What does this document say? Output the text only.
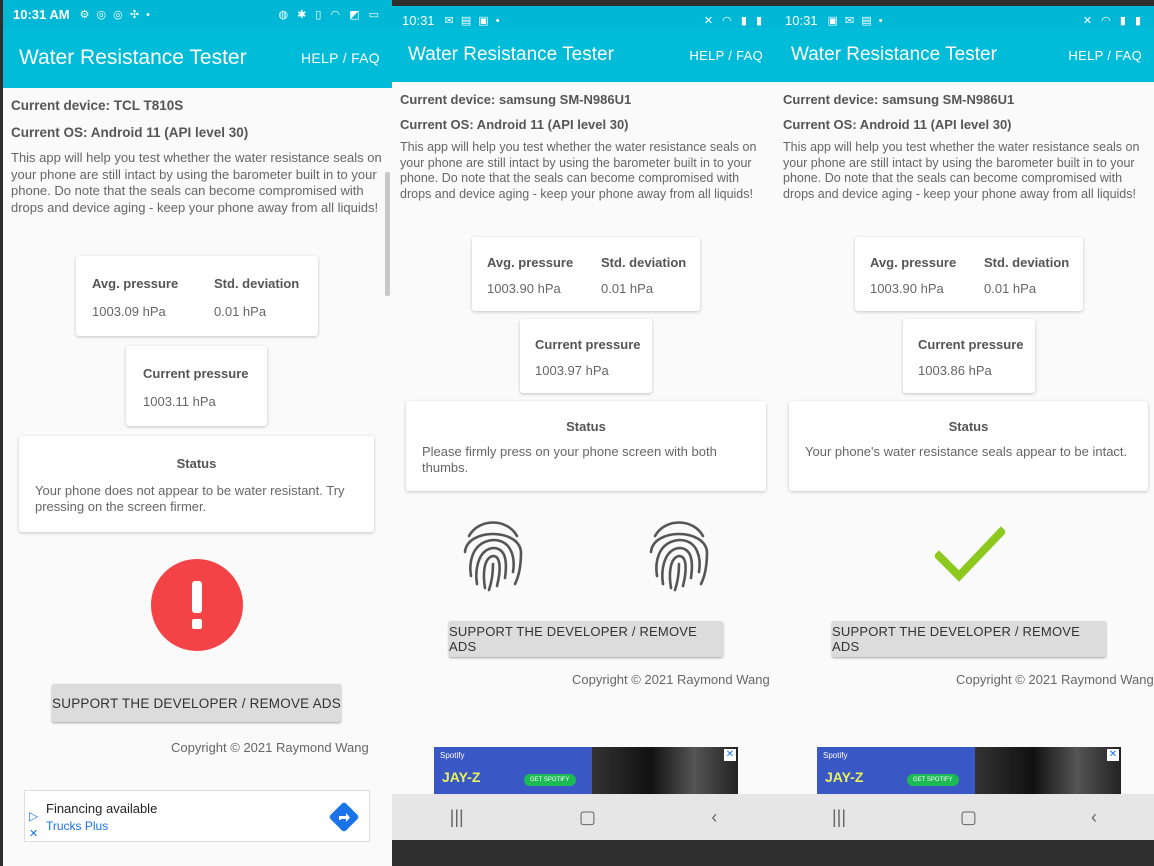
10:31 AM ⚙ ◎ ◎ ✣ •	◍ ✱ ▯ ◠ ◩ ▭
Water Resistance Tester	HELP / FAQ
Current device: TCL T810S
Current OS: Android 11 (API level 30)
This app will help you test whether the water resistance seals on your phone are still intact by using the barometer built in to your phone. Do note that the seals can become compromised with drops and device aging - keep your phone away from all liquids!
Avg. pressure	Std. deviation
1003.09 hPa	0.01 hPa
Current pressure
1003.11 hPa
Status
Your phone does not appear to be water resistant. Try pressing on the screen firmer.
SUPPORT THE DEVELOPER / REMOVE ADS
Copyright © 2021 Raymond Wang
▷
✕
Financing available
Trucks Plus
10:31 ✉ ▤ ▣ •	✕ ◠ ▮ ▮
Water Resistance Tester	HELP / FAQ
Current device: samsung SM-N986U1
Current OS: Android 11 (API level 30)
This app will help you test whether the water resistance seals on your phone are still intact by using the barometer built in to your phone. Do note that the seals can become compromised with drops and device aging - keep your phone away from all liquids!
Avg. pressure Std. deviation
1003.90 hPa	0.01 hPa
Current pressure
1003.97 hPa
Status
Please firmly press on your phone screen with both thumbs.
SUPPORT THE DEVELOPER / REMOVE ADS
Copyright © 2021 Raymond Wang
Spotify
JAY-Z	GET SPOTIFY
✕
|||	▢	‹
10:31 ▣ ✉ ▤ •	✕ ◠ ▮ ▮
Water Resistance Tester	HELP / FAQ
Current device: samsung SM-N986U1
Current OS: Android 11 (API level 30)
This app will help you test whether the water resistance seals on your phone are still intact by using the barometer built in to your phone. Do note that the seals can become compromised with drops and device aging - keep your phone away from all liquids!
Avg. pressure Std. deviation
1003.90 hPa	0.01 hPa
Current pressure
1003.86 hPa
Status
Your phone's water resistance seals appear to be intact.
SUPPORT THE DEVELOPER / REMOVE ADS
Copyright © 2021 Raymond Wang
Spotify
JAY-Z	GET SPOTIFY
✕
|||	▢	‹
